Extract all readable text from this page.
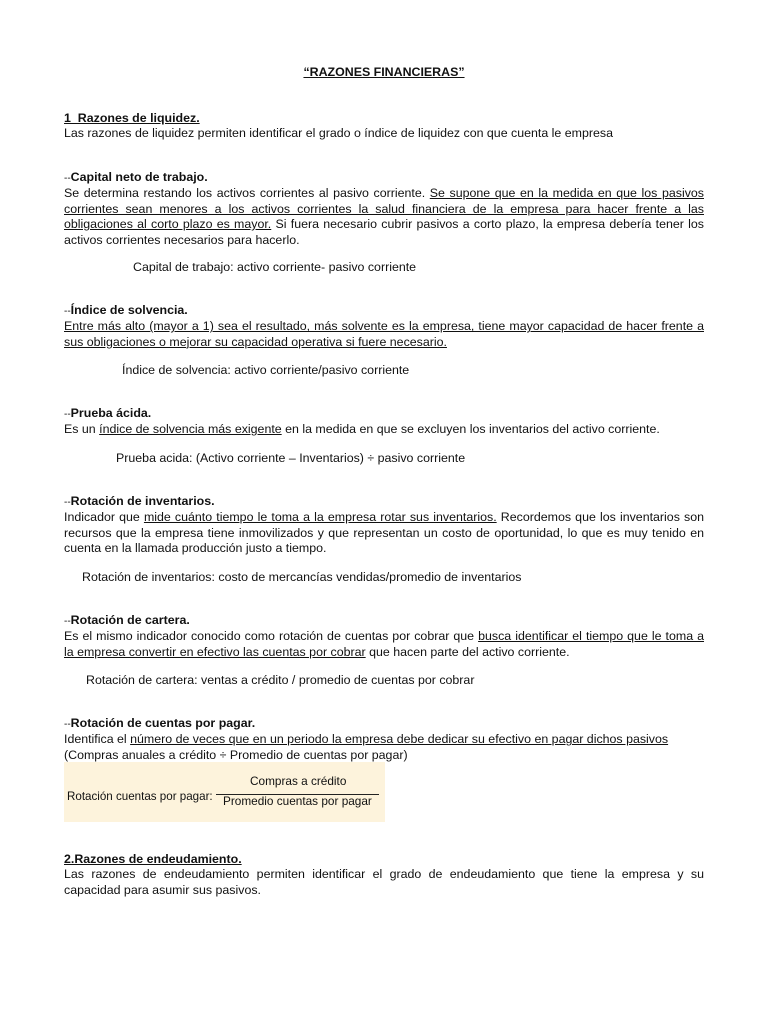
“RAZONES FINANCIERAS”
1_Razones de liquidez.
Las razones de liquidez permiten identificar el grado o índice de liquidez con que cuenta le empresa
--Capital neto de trabajo.
Se determina restando los activos corrientes al pasivo corriente. Se supone que en la medida en que los pasivos corrientes sean menores a los activos corrientes la salud financiera de la empresa para hacer frente a las obligaciones al corto plazo es mayor. Si fuera necesario cubrir pasivos a corto plazo, la empresa debería tener los activos corrientes necesarios para hacerlo.
Capital de trabajo: activo corriente- pasivo corriente
--Índice de solvencia.
Entre más alto (mayor a 1) sea el resultado, más solvente es la empresa, tiene mayor capacidad de hacer frente a sus obligaciones o mejorar su capacidad operativa si fuere necesario.
Índice de solvencia: activo corriente/pasivo corriente
--Prueba ácida.
Es un índice de solvencia más exigente en la medida en que se excluyen los inventarios del activo corriente.
Prueba acida: (Activo corriente – Inventarios) ÷ pasivo corriente
--Rotación de inventarios.
Indicador que mide cuánto tiempo le toma a la empresa rotar sus inventarios. Recordemos que los inventarios son recursos que la empresa tiene inmovilizados y que representan un costo de oportunidad, lo que es muy tenido en cuenta en la llamada producción justo a tiempo.
Rotación de inventarios: costo de mercancías vendidas/promedio de inventarios
--Rotación de cartera.
Es el mismo indicador conocido como rotación de cuentas por cobrar que busca identificar el tiempo que le toma a la empresa convertir en efectivo las cuentas por cobrar que hacen parte del activo corriente.
Rotación de cartera: ventas a crédito / promedio de cuentas por cobrar
--Rotación de cuentas por pagar.
Identifica el número de veces que en un periodo la empresa debe dedicar su efectivo en pagar dichos pasivos
(Compras anuales a crédito ÷ Promedio de cuentas por pagar)
Rotación cuentas por pagar:
Compras a crédito
Promedio cuentas por pagar
2.Razones de endeudamiento.
Las razones de endeudamiento permiten identificar el grado de endeudamiento que tiene la empresa y su capacidad para asumir sus pasivos.
